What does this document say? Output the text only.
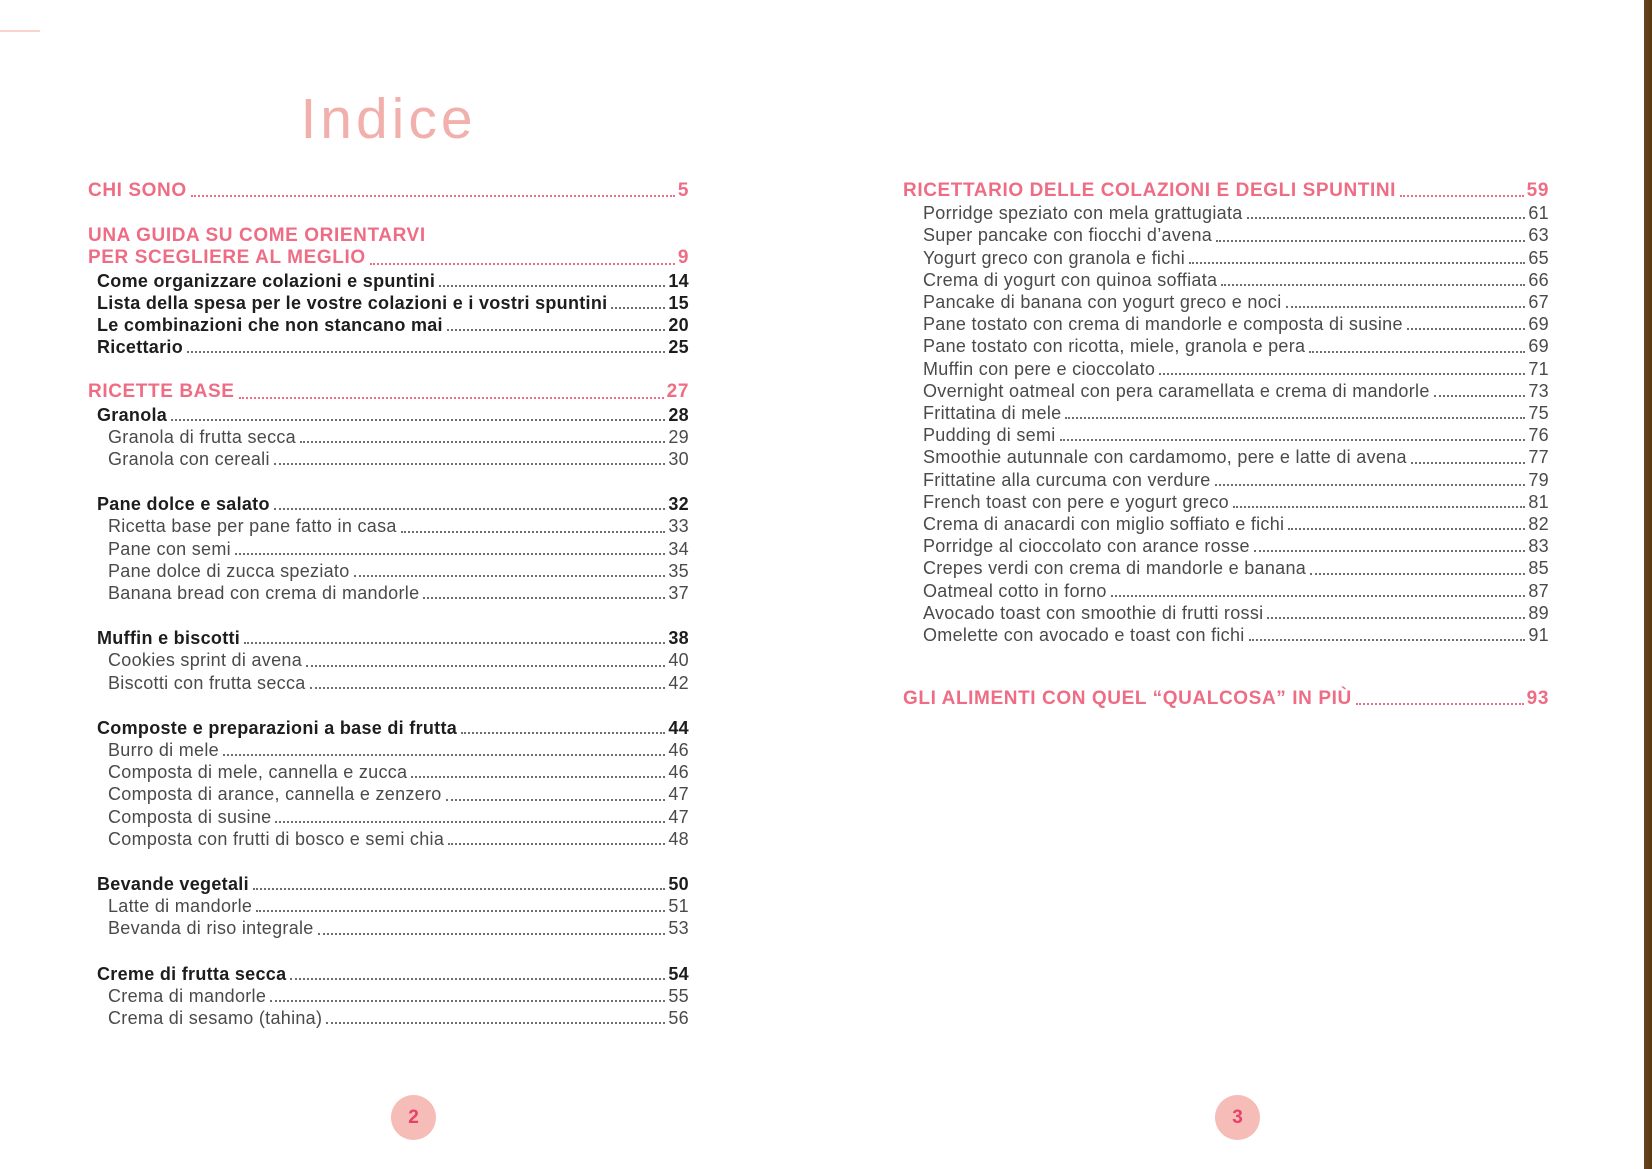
Indice
CHI SONO	5
UNA GUIDA SU COME ORIENTARVI
PER SCEGLIERE AL MEGLIO	9
Come organizzare colazioni e spuntini	14
Lista della spesa per le vostre colazioni e i vostri spuntini	15
Le combinazioni che non stancano mai	20
Ricettario	25
RICETTE BASE	27
Granola	28
Granola di frutta secca	29
Granola con cereali	30
Pane dolce e salato	32
Ricetta base per pane fatto in casa	33
Pane con semi	34
Pane dolce di zucca speziato	35
Banana bread con crema di mandorle	37
Muffin e biscotti	38
Cookies sprint di avena	40
Biscotti con frutta secca	42
Composte e preparazioni a base di frutta	44
Burro di mele	46
Composta di mele, cannella e zucca	46
Composta di arance, cannella e zenzero	47
Composta di susine	47
Composta con frutti di bosco e semi chia	48
Bevande vegetali	50
Latte di mandorle	51
Bevanda di riso integrale	53
Creme di frutta secca	54
Crema di mandorle	55
Crema di sesamo (tahina)	56
RICETTARIO DELLE COLAZIONI E DEGLI SPUNTINI	59
Porridge speziato con mela grattugiata	61
Super pancake con fiocchi d’avena	63
Yogurt greco con granola e fichi	65
Crema di yogurt con quinoa soffiata	66
Pancake di banana con yogurt greco e noci	67
Pane tostato con crema di mandorle e composta di susine	69
Pane tostato con ricotta, miele, granola e pera	69
Muffin con pere e cioccolato	71
Overnight oatmeal con pera caramellata e crema di mandorle	73
Frittatina di mele	75
Pudding di semi	76
Smoothie autunnale con cardamomo, pere e latte di avena	77
Frittatine alla curcuma con verdure	79
French toast con pere e yogurt greco	81
Crema di anacardi con miglio soffiato e fichi	82
Porridge al cioccolato con arance rosse	83
Crepes verdi con crema di mandorle e banana	85
Oatmeal cotto in forno	87
Avocado toast con smoothie di frutti rossi	89
Omelette con avocado e toast con fichi	91
GLI ALIMENTI CON QUEL “QUALCOSA” IN PIÙ	93
2	3
